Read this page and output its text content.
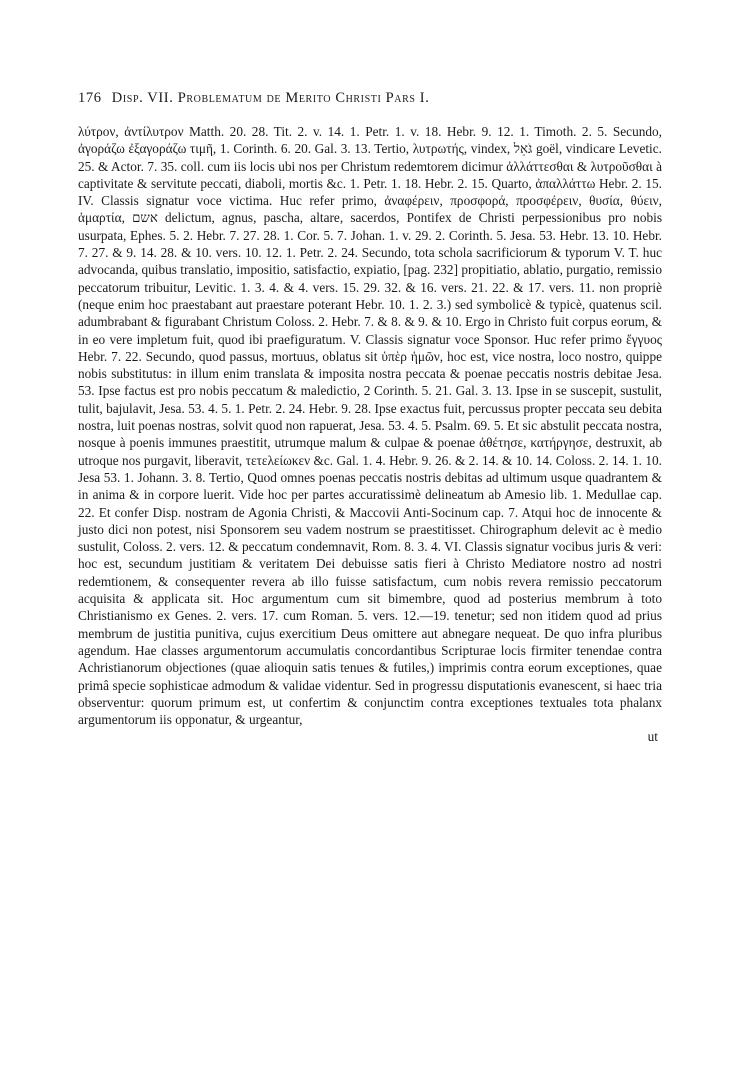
176 Disp. VII. Problematum de Merito Christi Pars I.
λύτρον, ἀντίλυτρον Matth. 20. 28. Tit. 2. v. 14. 1. Petr. 1. v. 18. Hebr. 9. 12. 1. Timoth. 2. 5. Secundo, ἀγοράζω ἐξαγοράζω τιμῆ, 1. Corinth. 6. 20. Gal. 3. 13. Tertio, λυτρωτής, vindex, גֹּאֵל goël, vindicare Levetic. 25. & Actor. 7. 35. coll. cum iis locis ubi nos per Christum redemtorem dicimur ἀλλάττεσθαι & λυτροῦσθαι à captivitate & servitute peccati, diaboli, mortis &c. 1. Petr. 1. 18. Hebr. 2. 15. Quarto, ἀπαλλάττω Hebr. 2. 15. IV. Classis signatur voce victima. Huc refer primo, ἀναφέρειν, προσφορά, προσφέρειν, θυσία, θύειν, ἁμαρτία, אשם delictum, agnus, pascha, altare, sacerdos, Pontifex de Christi perpessionibus pro nobis usurpata, Ephes. 5. 2. Hebr. 7. 27. 28. 1. Cor. 5. 7. Johan. 1. v. 29. 2. Corinth. 5. Jesa. 53. Hebr. 13. 10. Hebr. 7. 27. & 9. 14. 28. & 10. vers. 10. 12. 1. Petr. 2. 24. Secundo, tota schola sacrificiorum & typorum V. T. huc advocanda, quibus translatio, impositio, satisfactio, expiatio, [pag. 232] propitiatio, ablatio, purgatio, remissio peccatorum tribuitur, Levitic. 1. 3. 4. & 4. vers. 15. 29. 32. & 16. vers. 21. 22. & 17. vers. 11. non propriè (neque enim hoc praestabant aut praestare poterant Hebr. 10. 1. 2. 3.) sed symbolicè & typicè, quatenus scil. adumbrabant & figurabant Christum Coloss. 2. Hebr. 7. & 8. & 9. & 10. Ergo in Christo fuit corpus eorum, & in eo vere impletum fuit, quod ibi praefiguratum. V. Classis signatur voce Sponsor. Huc refer primo ἔγγυος Hebr. 7. 22. Secundo, quod passus, mortuus, oblatus sit ὑπὲρ ἡμῶν, hoc est, vice nostra, loco nostro, quippe nobis substitutus: in illum enim translata & imposita nostra peccata & poenae peccatis nostris debitae Jesa. 53. Ipse factus est pro nobis peccatum & maledictio, 2 Corinth. 5. 21. Gal. 3. 13. Ipse in se suscepit, sustulit, tulit, bajulavit, Jesa. 53. 4. 5. 1. Petr. 2. 24. Hebr. 9. 28. Ipse exactus fuit, percussus propter peccata seu debita nostra, luit poenas nostras, solvit quod non rapuerat, Jesa. 53. 4. 5. Psalm. 69. 5. Et sic abstulit peccata nostra, nosque à poenis immunes praestitit, utrumque malum & culpae & poenae ἀθέτησε, κατήργησε, destruxit, ab utroque nos purgavit, liberavit, τετελείωκεν &c. Gal. 1. 4. Hebr. 9. 26. & 2. 14. & 10. 14. Coloss. 2. 14. 1. 10. Jesa 53. 1. Johann. 3. 8. Tertio, Quod omnes poenas peccatis nostris debitas ad ultimum usque quadrantem & in anima & in corpore luerit. Vide hoc per partes accuratissimè delineatum ab Amesio lib. 1. Medullae cap. 22. Et confer Disp. nostram de Agonia Christi, & Maccovii Anti-Socinum cap. 7. Atqui hoc de innocente & justo dici non potest, nisi Sponsorem seu vadem nostrum se praestitisset. Chirographum delevit ac è medio sustulit, Coloss. 2. vers. 12. & peccatum condemnavit, Rom. 8. 3. 4. VI. Classis signatur vocibus juris & veri: hoc est, secundum justitiam & veritatem Dei debuisse satis fieri à Christo Mediatore nostro ad nostri redemtionem, & consequenter revera ab illo fuisse satisfactum, cum nobis revera remissio peccatorum acquisita & applicata sit. Hoc argumentum cum sit bimembre, quod ad posterius membrum à toto Christianismo ex Genes. 2. vers. 17. cum Roman. 5. vers. 12.—19. tenetur; sed non itidem quod ad prius membrum de justitia punitiva, cujus exercitium Deus omittere aut abnegare nequeat. De quo infra pluribus agendum. Hae classes argumentorum accumulatis concordantibus Scripturae locis firmiter tenendae contra Achristianorum objectiones (quae alioquin satis tenues & futiles,) imprimis contra eorum exceptiones, quae primâ specie sophisticae admodum & validae videntur. Sed in progressu disputationis evanescent, si haec tria observentur: quorum primum est, ut confertim & conjunctim contra exceptiones textuales tota phalanx argumentorum iis opponatur, & urgeantur,
ut
